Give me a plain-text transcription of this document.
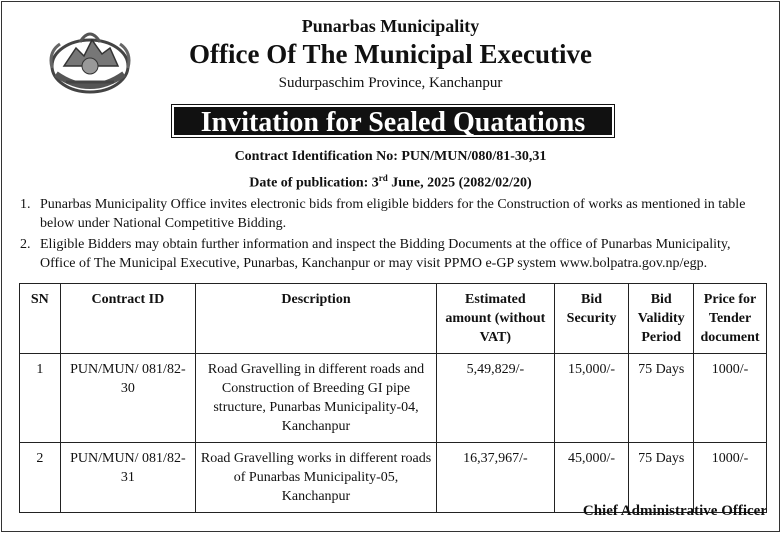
Punarbas Municipality
Office Of The Municipal Executive
Sudurpaschim Province, Kanchanpur
Invitation for Sealed Quatations
Contract Identification No: PUN/MUN/080/81-30,31
Date of publication: 3rd June, 2025 (2082/02/20)
1. Punarbas Municipality Office invites electronic bids from eligible bidders for the Construction of works as mentioned in table below under National Competitive Bidding.
2. Eligible Bidders may obtain further information and inspect the Bidding Documents at the office of Punarbas Municipality, Office of The Municipal Executive, Punarbas, Kanchanpur or may visit PPMO e-GP system www.bolpatra.gov.np/egp.
SN	Contract ID	Description	Estimated amount (without VAT)	Bid Security	Bid Validity Period	Price for Tender document
1	PUN/MUN/ 081/82-30	Road Gravelling in different roads and Construction of Breeding GI pipe structure, Punarbas Municipality-04, Kanchanpur	5,49,829/-	15,000/-	75 Days	1000/-
2	PUN/MUN/ 081/82-31	Road Gravelling works in different roads of Punarbas Municipality-05, Kanchanpur	16,37,967/-	45,000/-	75 Days	1000/-
Chief Administrative Officer
